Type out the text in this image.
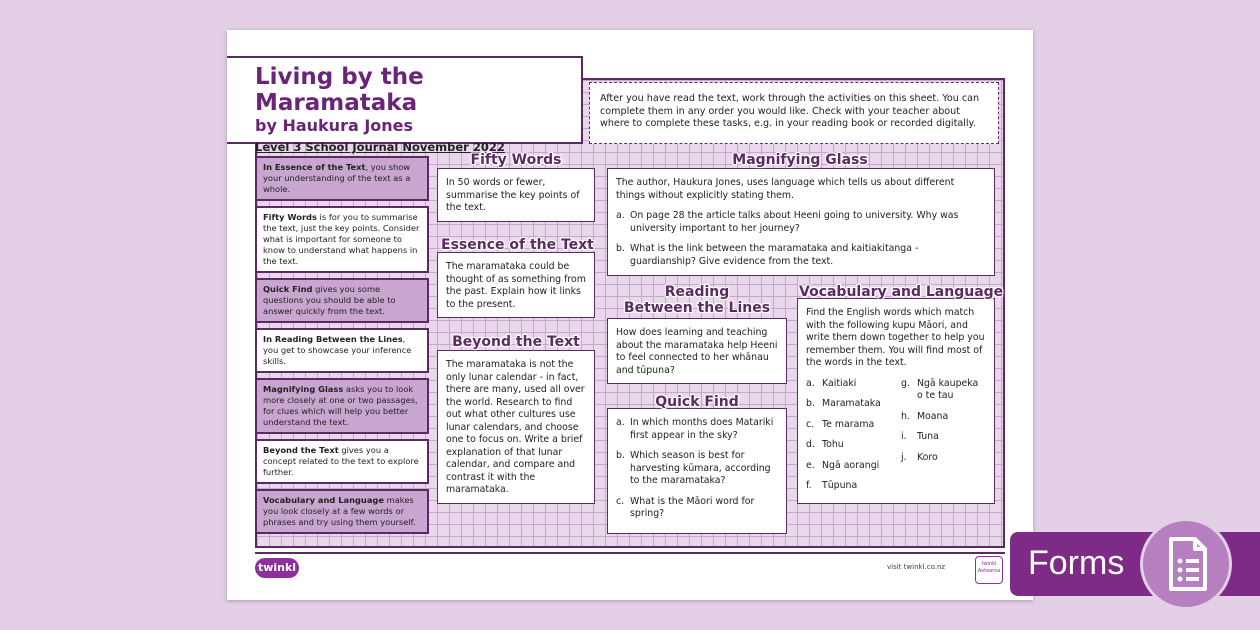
Living by the Maramataka
by Haukura Jones
Level 3 School Journal November 2022
After you have read the text, work through the activities on this sheet. You can complete them in any order you would like. Check with your teacher about where to complete these tasks, e.g. in your reading book or recorded digitally.
In Essence of the Text, you show your understanding of the text as a whole.
Fifty Words is for you to summarise the text, just the key points. Consider what is important for someone to know to understand what happens in the text.
Quick Find gives you some questions you should be able to answer quickly from the text.
In Reading Between the Lines, you get to showcase your inference skills.
Magnifying Glass asks you to look more closely at one or two passages, for clues which will help you better understand the text.
Beyond the Text gives you a concept related to the text to explore further.
Vocabulary and Language makes you look closely at a few words or phrases and try using them yourself.
In 50 words or fewer, summarise the key points of the text.
Fifty Words
The maramataka could be thought of as something from the past. Explain how it links to the present.
Essence of the Text
The maramataka is not the only lunar calendar - in fact, there are many, used all over the world. Research to find out what other cultures use lunar calendars, and choose one to focus on. Write a brief explanation of that lunar calendar, and compare and contrast it with the maramataka.
Beyond the Text
The author, Haukura Jones, uses language which tells us about different things without explicitly stating them.
a. On page 28 the article talks about Heeni going to university. Why was university important to her journey?
b. What is the link between the maramataka and kaitiakitanga - guardianship? Give evidence from the text.
Magnifying Glass
How does learning and teaching about the maramataka help Heeni to feel connected to her whānau and tūpuna?
Reading
Between the Lines
a. In which months does Matariki first appear in the sky?
b. Which season is best for harvesting kūmara, according to the maramataka?
c. What is the Māori word for spring?
Quick Find
Find the English words which match with the following kupu Māori, and write them down together to help you remember them. You will find most of the words in the text.
a. Kaitiaki
b. Maramataka
c. Te marama
d. Tohu
e. Ngā aorangi
f. Tūpuna
g. Ngā kaupeka o te tau
h. Moana
i. Tuna
j. Koro
Vocabulary and Language
twinkl	visit twinkl.co.nz	twinkl Aotearoa Forms
